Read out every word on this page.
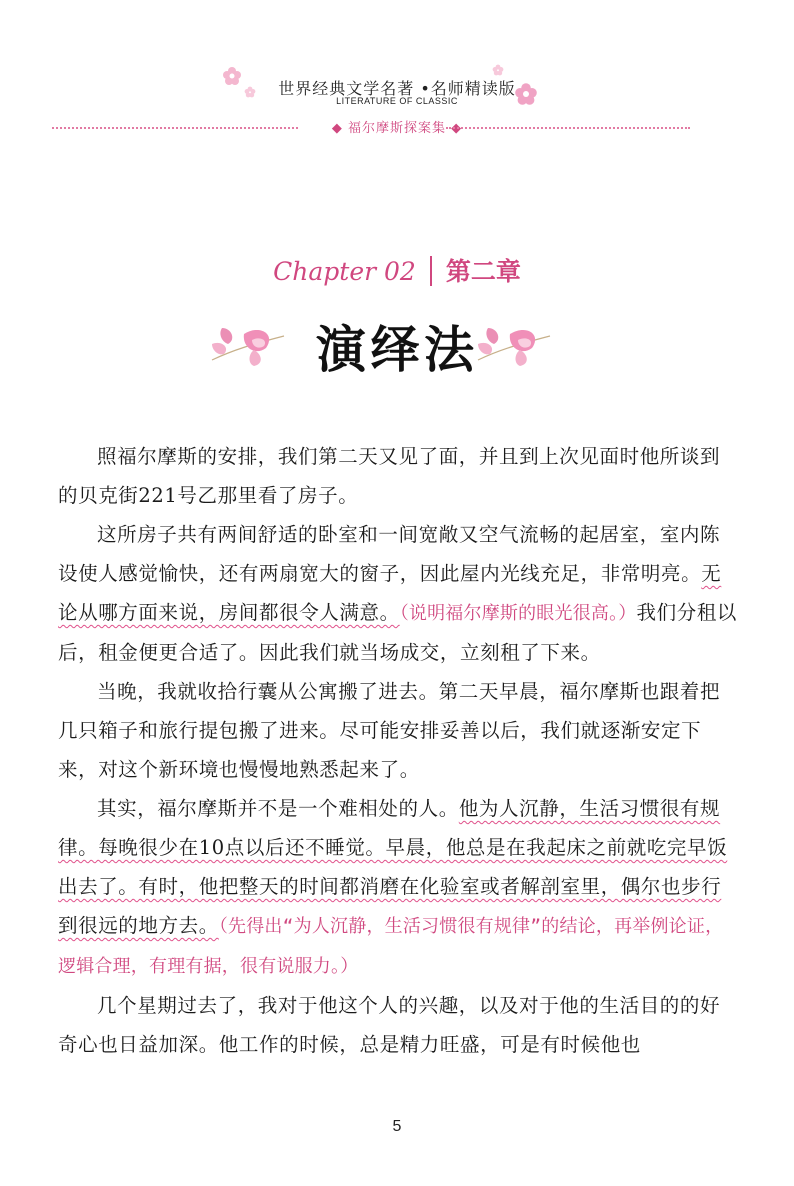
世界经典文学名著 •名师精读版
LITERATURE OF CLASSIC
◆ 福尔摩斯探案集 ◆
Chapter 02 第二章
演绎法

照福尔摩斯的安排，我们第二天又见了面，并且到上次见面时他所谈到的贝克街221号乙那里看了房子。

这所房子共有两间舒适的卧室和一间宽敞又空气流畅的起居室，室内陈设使人感觉愉快，还有两扇宽大的窗子，因此屋内光线充足，非常明亮。无论从哪方面来说，房间都很令人满意。（说明福尔摩斯的眼光很高。）我们分租以后，租金便更合适了。因此我们就当场成交，立刻租了下来。

当晚，我就收拾行囊从公寓搬了进去。第二天早晨，福尔摩斯也跟着把几只箱子和旅行提包搬了进来。尽可能安排妥善以后，我们就逐渐安定下来，对这个新环境也慢慢地熟悉起来了。

其实，福尔摩斯并不是一个难相处的人。他为人沉静，生活习惯很有规律。每晚很少在10点以后还不睡觉。早晨，他总是在我起床之前就吃完早饭出去了。有时，他把整天的时间都消磨在化验室或者解剖室里，偶尔也步行到很远的地方去。（先得出“为人沉静，生活习惯很有规律”的结论，再举例论证，逻辑合理，有理有据，很有说服力。）

几个星期过去了，我对于他这个人的兴趣，以及对于他的生活目的的好奇心也日益加深。他工作的时候，总是精力旺盛，可是有时候他也

5
